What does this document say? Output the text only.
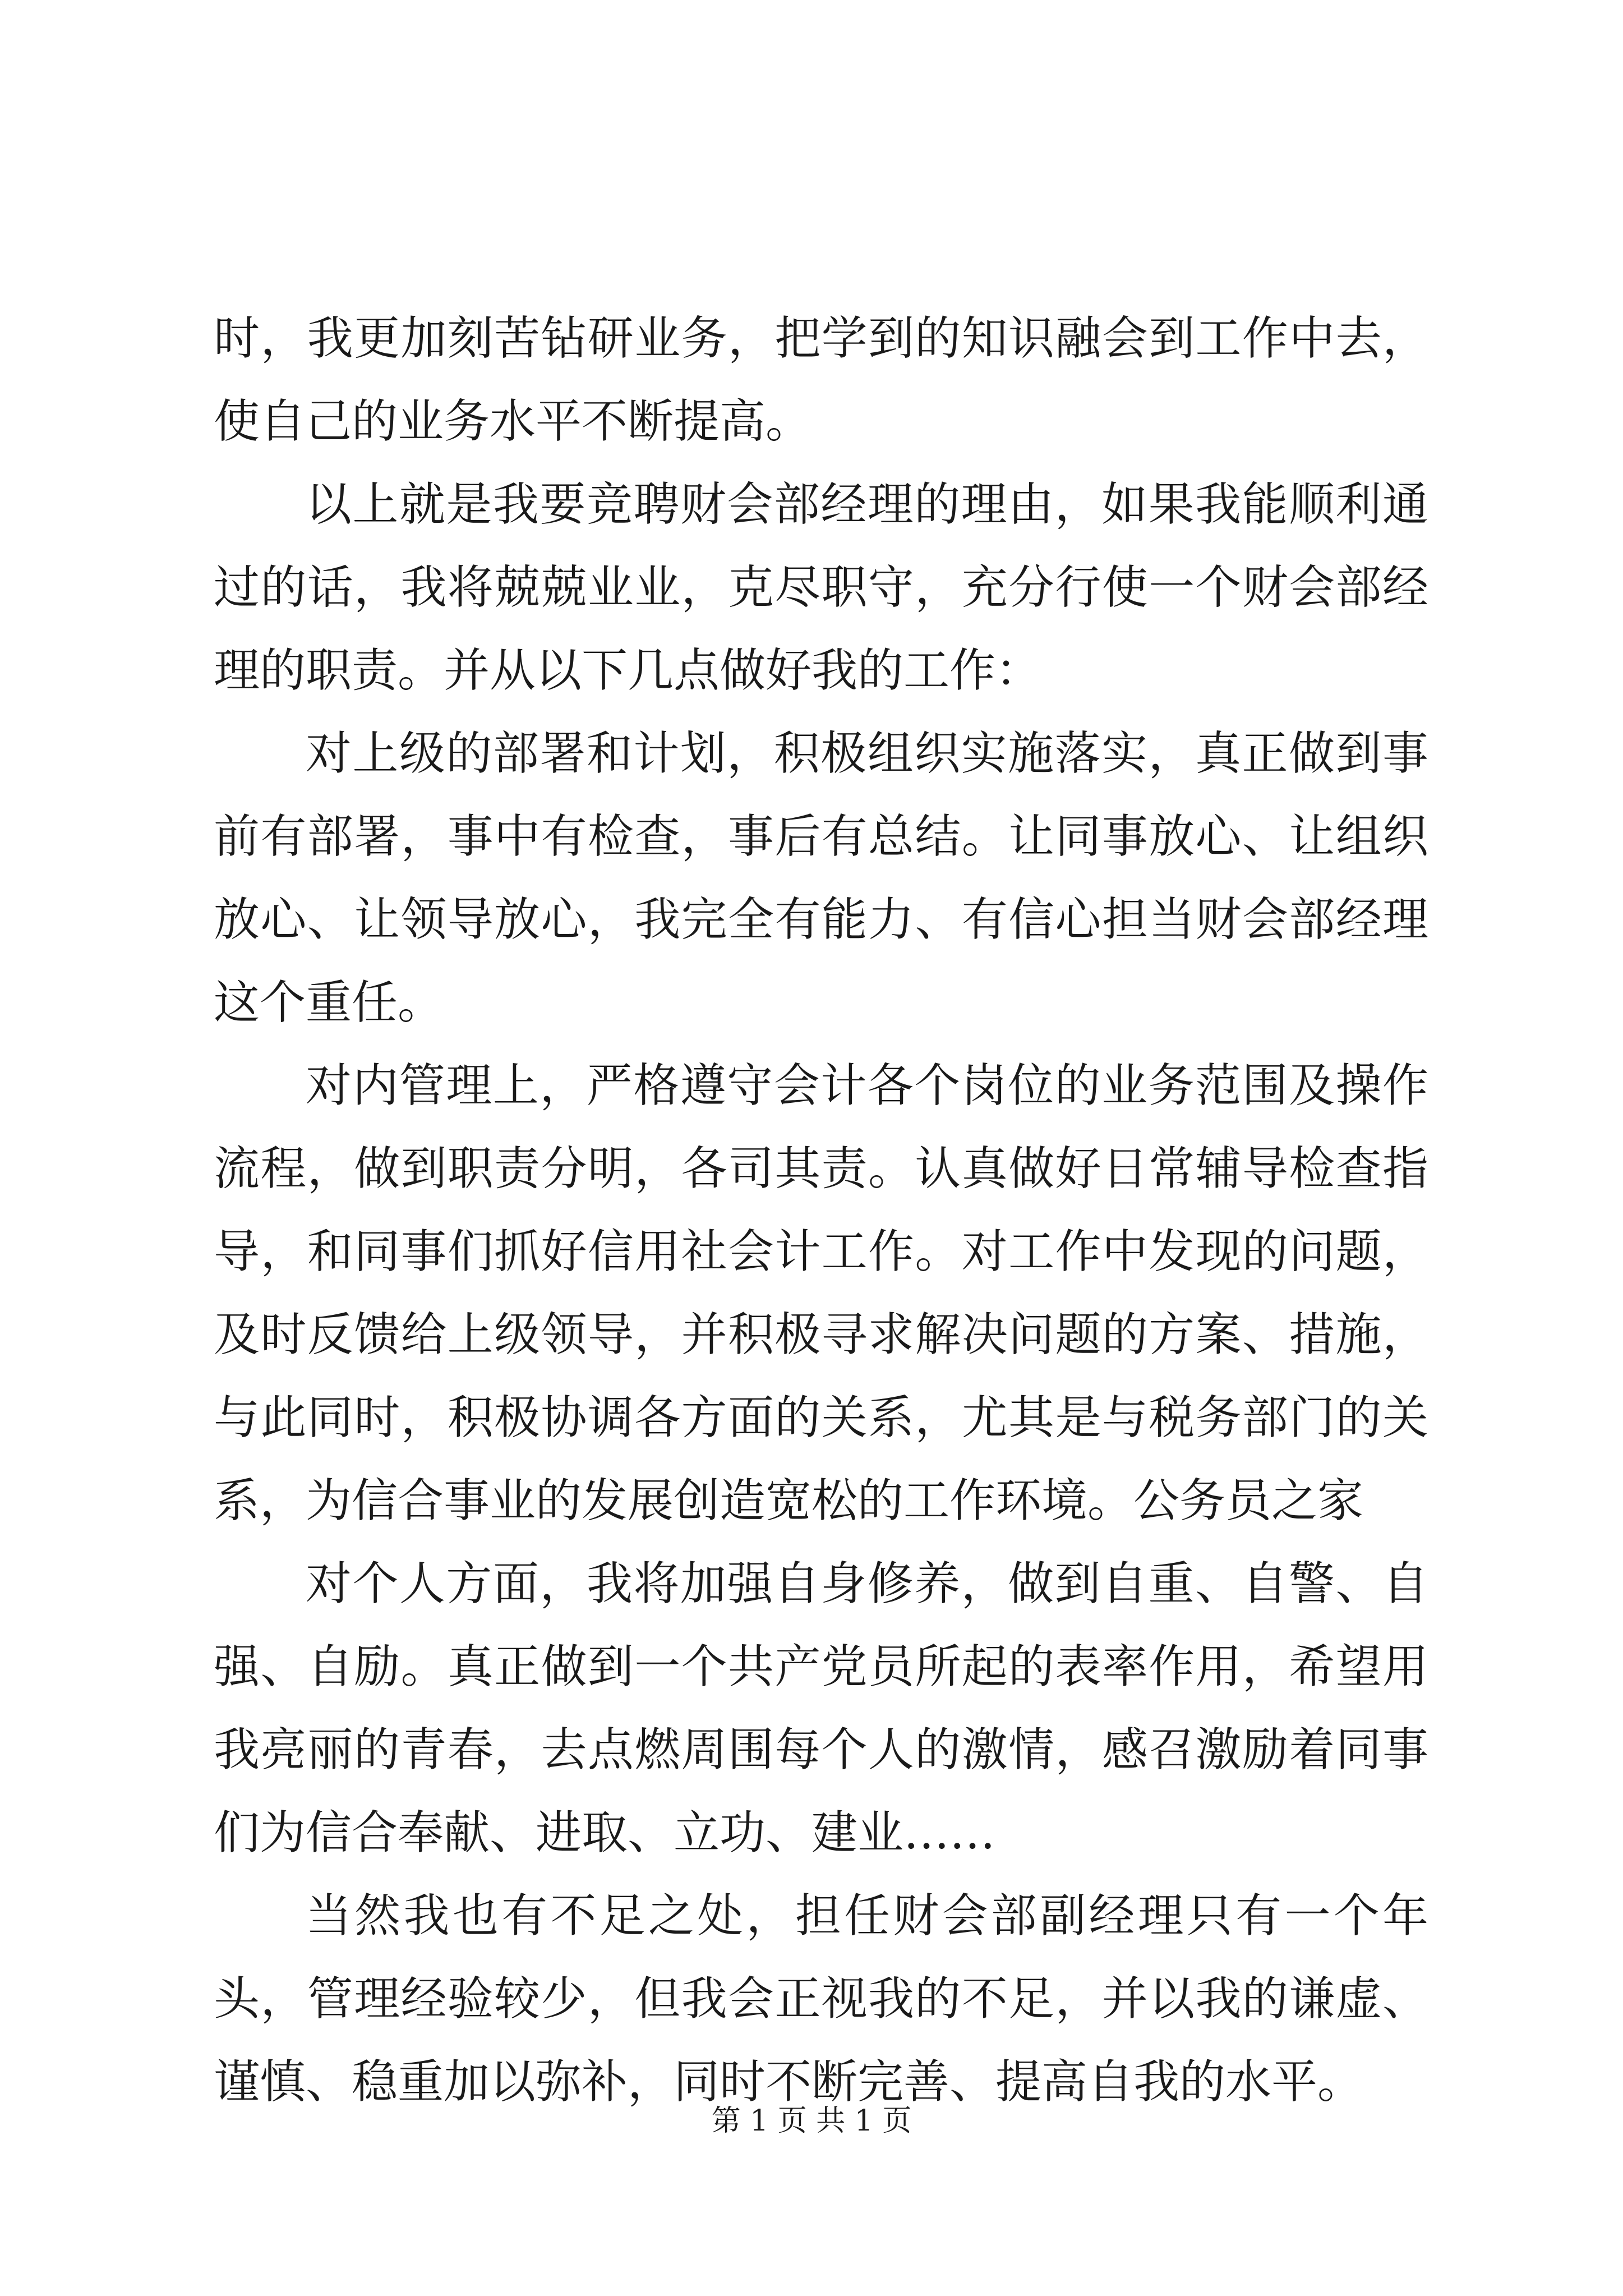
时，我更加刻苦钻研业务，把学到的知识融会到工作中去，使自己的业务水平不断提高。

以上就是我要竞聘财会部经理的理由，如果我能顺利通过的话，我将兢兢业业，克尽职守，充分行使一个财会部经理的职责。并从以下几点做好我的工作：

对上级的部署和计划，积极组织实施落实，真正做到事前有部署，事中有检查，事后有总结。让同事放心、让组织放心、让领导放心，我完全有能力、有信心担当财会部经理这个重任。

对内管理上，严格遵守会计各个岗位的业务范围及操作流程，做到职责分明，各司其责。认真做好日常辅导检查指导，和同事们抓好信用社会计工作。对工作中发现的问题，及时反馈给上级领导，并积极寻求解决问题的方案、措施，与此同时，积极协调各方面的关系，尤其是与税务部门的关系，为信合事业的发展创造宽松的工作环境。公务员之家

对个人方面，我将加强自身修养，做到自重、自警、自强、自励。真正做到一个共产党员所起的表率作用，希望用我亮丽的青春，去点燃周围每个人的激情，感召激励着同事们为信合奉献、进取、立功、建业……

当然我也有不足之处，担任财会部副经理只有一个年头，管理经验较少，但我会正视我的不足，并以我的谦虚、谨慎、稳重加以弥补，同时不断完善、提高自我的水平。

第 1 页 共 1 页
